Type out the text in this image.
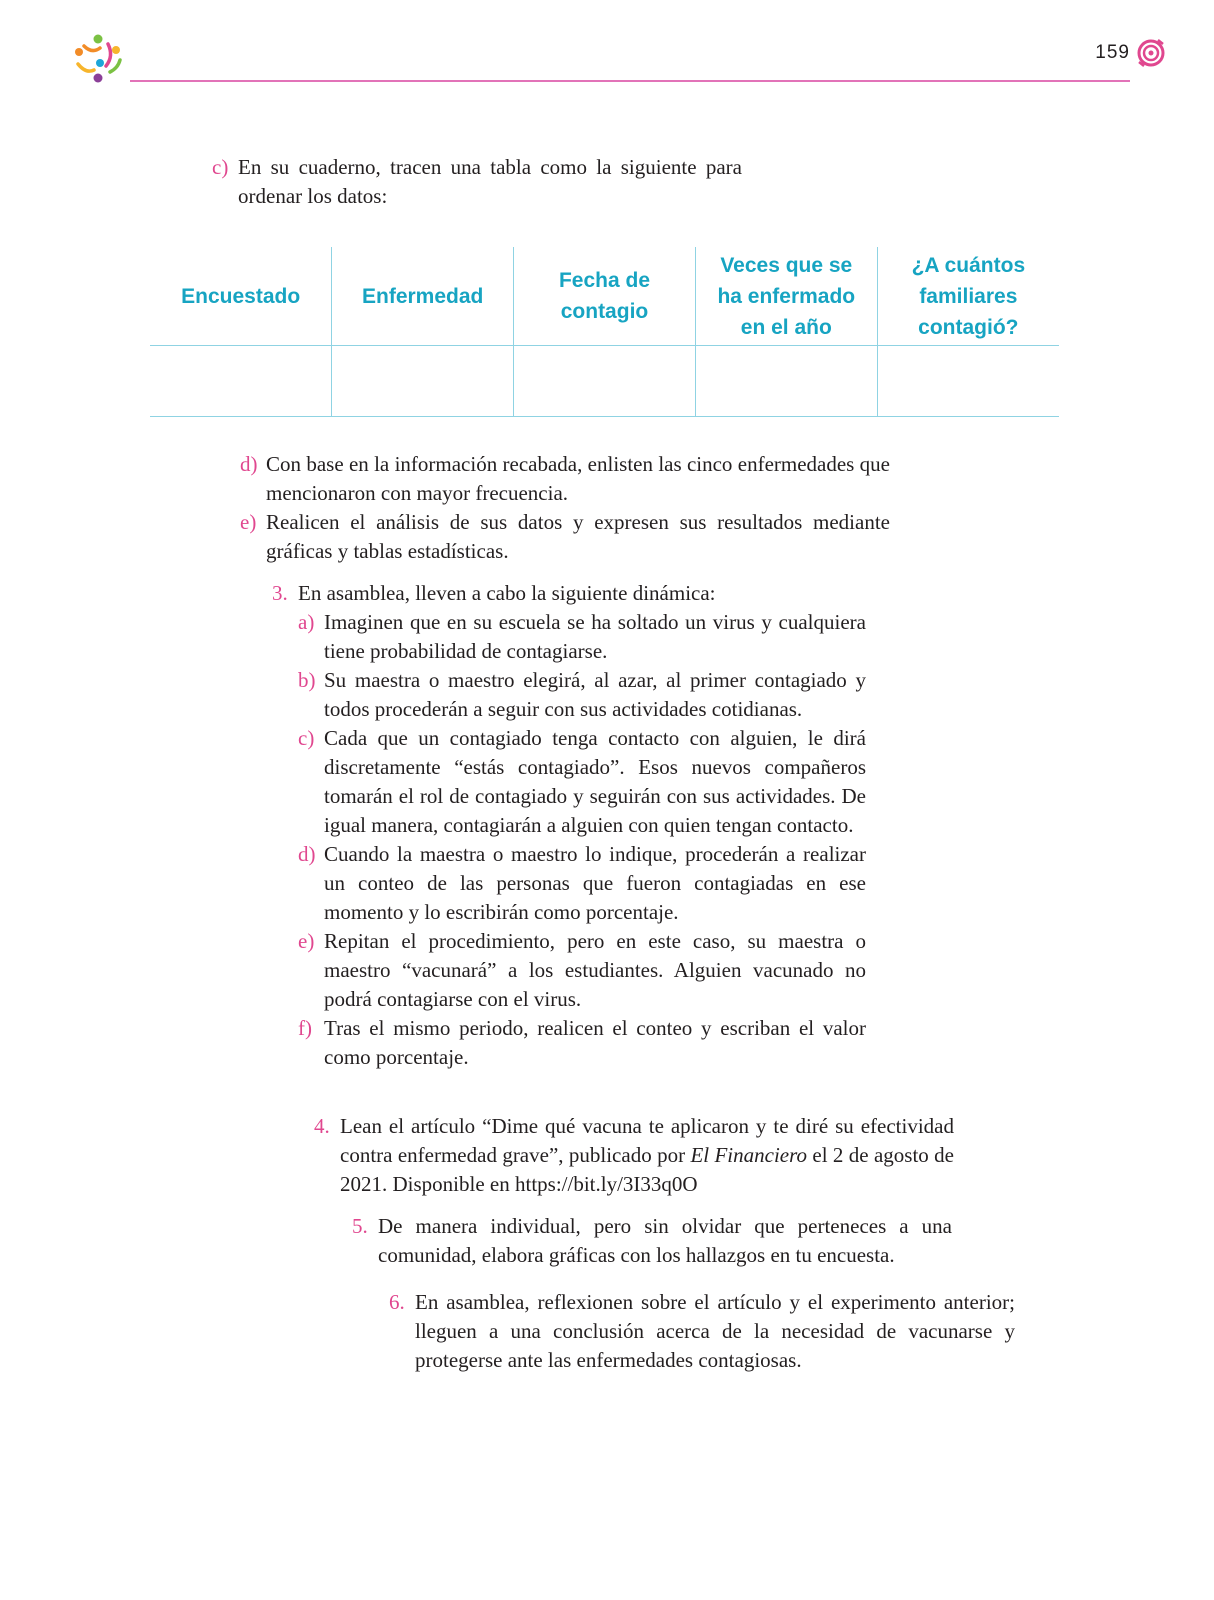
159
c) En su cuaderno, tracen una tabla como la siguiente para ordenar los datos:
Encuestado	Enfermedad	Fecha de contagio	Veces que se ha enfermado en el año	¿A cuántos familiares contagió?

d) Con base en la información recabada, enlisten las cinco enfermedades que mencionaron con mayor frecuencia.
e) Realicen el análisis de sus datos y expresen sus resultados mediante gráficas y tablas estadísticas.
3. En asamblea, lleven a cabo la siguiente dinámica:
a) Imaginen que en su escuela se ha soltado un virus y cualquiera tiene probabilidad de contagiarse.
b) Su maestra o maestro elegirá, al azar, al primer contagiado y todos procederán a seguir con sus actividades cotidianas.
c) Cada que un contagiado tenga contacto con alguien, le dirá discretamente “estás contagiado”. Esos nuevos compañeros tomarán el rol de contagiado y seguirán con sus actividades. De igual manera, contagiarán a alguien con quien tengan contacto.
d) Cuando la maestra o maestro lo indique, procederán a realizar un conteo de las personas que fueron contagiadas en ese momento y lo escribirán como porcentaje.
e) Repitan el procedimiento, pero en este caso, su maestra o maestro “vacunará” a los estudiantes. Alguien vacunado no podrá contagiarse con el virus.
f) Tras el mismo periodo, realicen el conteo y escriban el valor como porcentaje.
4. Lean el artículo “Dime qué vacuna te aplicaron y te diré su efectividad contra enfermedad grave”, publicado por El Financiero el 2 de agosto de 2021. Disponible en https://bit.ly/3I33q0O
5. De manera individual, pero sin olvidar que perteneces a una comunidad, elabora gráficas con los hallazgos en tu encuesta.
6. En asamblea, reflexionen sobre el artículo y el experimento anterior; lleguen a una conclusión acerca de la necesidad de vacunarse y protegerse ante las enfermedades contagiosas.
